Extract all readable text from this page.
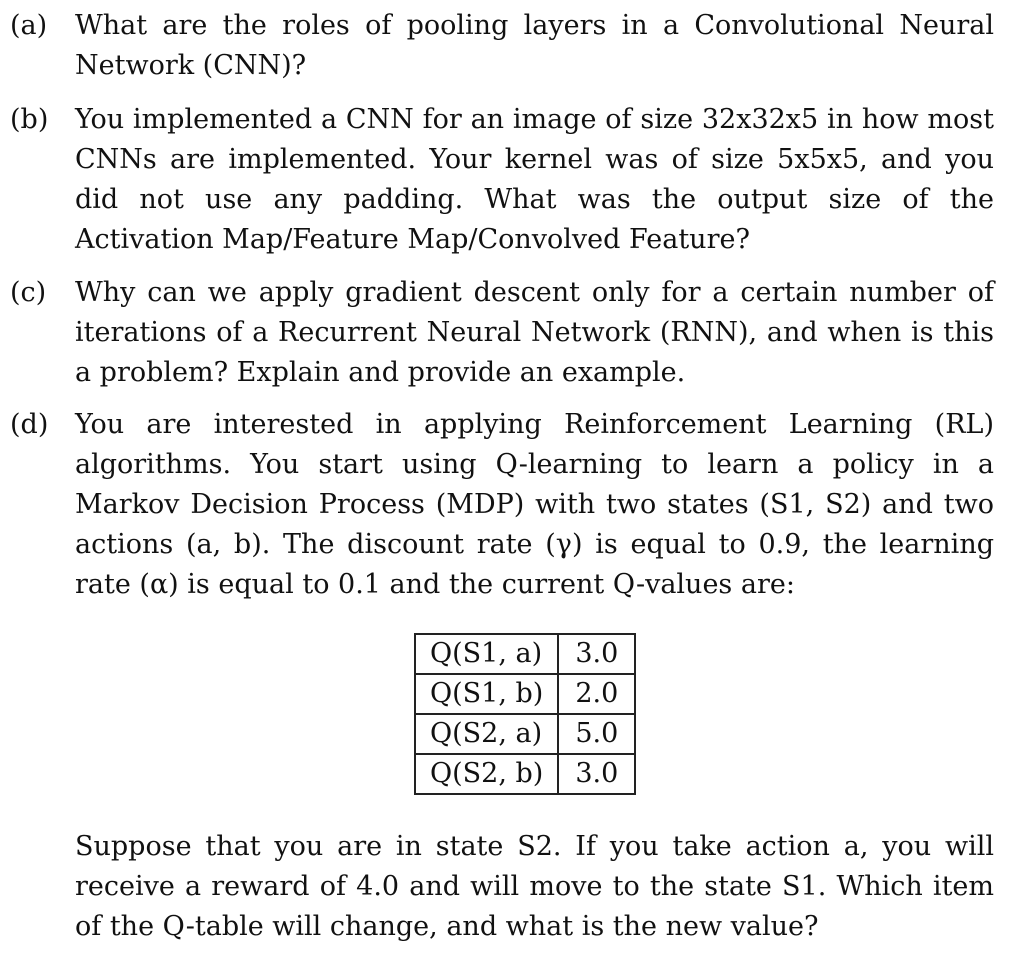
(a)	What are the roles of pooling layers in a Convolutional Neural Network (CNN)?
(b) You implemented a CNN for an image of size 32x32x5 in how most CNNs are implemented. Your kernel was of size 5x5x5, and you did not use any padding. What was the output size of the Activation Map/Feature Map/Convolved Feature?
(c)	Why can we apply gradient descent only for a certain number of iterations of a Recurrent Neural Network (RNN), and when is this a problem? Explain and provide an example.
(d) You are interested in applying Reinforcement Learning (RL) algorithms. You start using Q-learning to learn a policy in a Markov Decision Process (MDP) with two states (S1, S2) and two actions (a, b). The discount rate (γ) is equal to 0.9, the learning rate (α) is equal to 0.1 and the current Q-values are:
Q(S1, a)	3.0
Q(S1, b)	2.0
Q(S2, a)	5.0
Q(S2, b)	3.0
Suppose that you are in state S2. If you take action a, you will receive a reward of 4.0 and will move to the state S1. Which item of the Q-table will change, and what is the new value?
